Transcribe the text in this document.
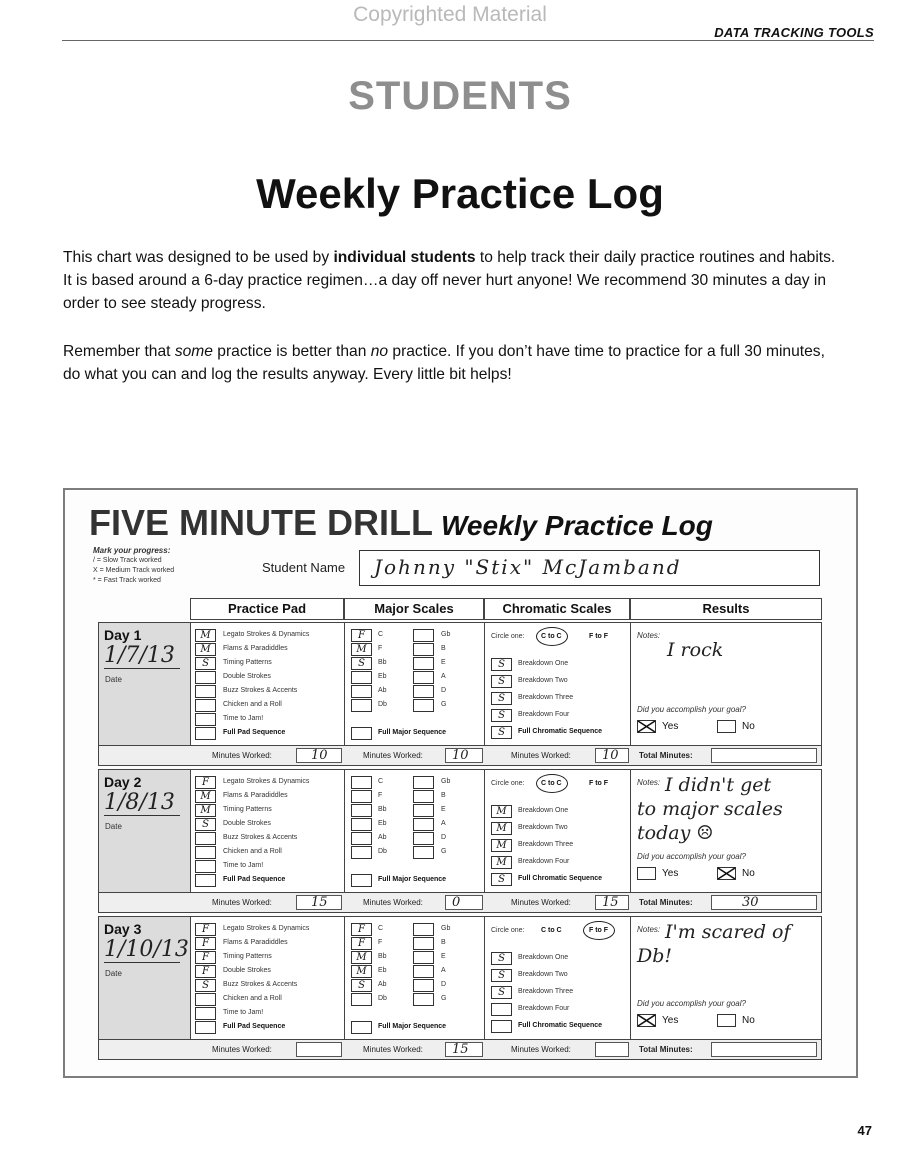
Copyrighted Material
DATA TRACKING TOOLS
STUDENTS
Weekly Practice Log

This chart was designed to be used by individual students to help track their daily practice routines and habits. It is based around a 6-day practice regimen…a day off never hurt anyone! We recommend 30 minutes a day in order to see steady progress.

Remember that some practice is better than no practice. If you don’t have time to practice for a full 30 minutes, do what you can and log the results anyway. Every little bit helps!

FIVE MINUTE DRILL Weekly Practice Log
Mark your progress:
/ = Slow Track worked
X = Medium Track worked
* = Fast Track worked
Student Name Johnny "Stix" McJamband
Practice Pad	Major Scales	Chromatic Scales	Results
Day 1
1/7/13
Date
M	Legato Strokes & Dynamics
M	Flams & Paradiddles
S	Timing Patterns
Double Strokes
Buzz Strokes & Accents
Chicken and a Roll
Time to Jam!
Full Pad Sequence
F	C	Gb
M	F	B
S	Bb	E
Eb	A
Ab	D
Db	G
Full Major Sequence
Circle one: C to C	F to F
S	Breakdown One
S	Breakdown Two
S	Breakdown Three
S	Breakdown Four
S	Full Chromatic Sequence
Notes:
I rock
Did you accomplish your goal?
Yes	No
Minutes Worked:	10	Minutes Worked:	10	Minutes Worked:	10	Total Minutes:
Day 2
1/8/13
Date
F	Legato Strokes & Dynamics
M	Flams & Paradiddles
M	Timing Patterns
S	Double Strokes
Buzz Strokes & Accents
Chicken and a Roll
Time to Jam!
Full Pad Sequence
C	Gb
F	B
Bb	E
Eb	A
Ab	D
Db	G
Full Major Sequence
Circle one: C to C	F to F
M	Breakdown One
M	Breakdown Two
M	Breakdown Three
M	Breakdown Four
S	Full Chromatic Sequence
Notes: I didn't get
to major scales
today ☹
Did you accomplish your goal?
Yes	No
Minutes Worked:	15	Minutes Worked:	0	Minutes Worked:	15	Total Minutes:	30
Day 3
1/10/13
Date
F	Legato Strokes & Dynamics
F	Flams & Paradiddles
F	Timing Patterns
F	Double Strokes
S	Buzz Strokes & Accents
Chicken and a Roll
Time to Jam!
Full Pad Sequence
F	C	Gb
F	F	B
M	Bb	E
M	Eb	A
S	Ab	D
Db	G
Full Major Sequence
Circle one: C to C	F to F
S	Breakdown One
S	Breakdown Two
S	Breakdown Three
Breakdown Four
Full Chromatic Sequence
Notes: I'm scared of
Db!
Did you accomplish your goal?
Yes	No
Minutes Worked:	Minutes Worked:	15	Minutes Worked:	Total Minutes:
47
